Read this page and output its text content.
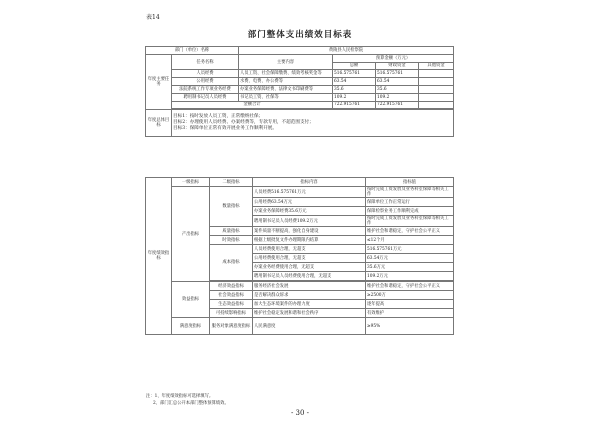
表14
部门整体支出绩效目标表
部门（单位）名称		黄陵县人民检察院			
年度主要任务	任务名称	主要内容	预算金额（万元）		
			总额	财政资金	其他资金
	人员经费	人员工资、社会保障缴费、绩效考核奖金等	516.575761	516.575761	
	公用经费	水费、电费、办公费等	63.54	63.54	
	法院系统工作专项业务经费	办案业务保障经费、法律文书印刷费等	35.6	35.6	
	聘用制书记员人员经费	书记员工资、社保等	109.2	109.2	
	金额合计		722.915761	722.915761	

年度总体目标	目标1：按时发放人员工资，正常缴纳社保；
目标2：办理使用人员经费、办案经费等，专款专用，不超范围支付；
目标3：保障单位正常有效开展业务工作顺利开展。				
年度绩效指标	一级指标	二级指标	指标内容	指标值
	产出指标	数量指标	人员经费516.575761万元	按时完成工资发放及业务科室保障等相关工作
			公用经费63.54万元	保障单位工作正常运行
			办案业务保障经费35.6万元	保障检察业务工作顺利完成
			聘用制书记员人员经费109.2万元	按时完成工资发放及业务科室保障等相关工作
		质量指标	案件质量不断提高，强化自身建设	维护社会和谐稳定，守护社会公平正义
		时效指标	根据上级批复文件办理期限内结算	≤12个月
		成本指标	人员经费使用合理，无超支	516.575761万元
			公用经费使用合理，无超支	63.54万元
			办案业务经费使用合理，无超支	35.6万元
			聘用制书记员人员经费使用合理，无超支	109.2万元

	效益指标	经济效益指标	服务经济社会发展	维护社会和谐稳定，守护社会公平正义

		社会效益指标	是否解决群众诉求	≥2500万

		生态效益指标	加大生态环境案件的办理力度	逐年提高

		可持续影响指标	维护社会稳定发展和谐和社会秩序	有效维护

	满意度指标	服务对象满意度指标	人民满意度	≥95%
注：1、年度绩效指标可选择填写。
2、部门汇总公开本部门整体预算绩效。
- 30 -
